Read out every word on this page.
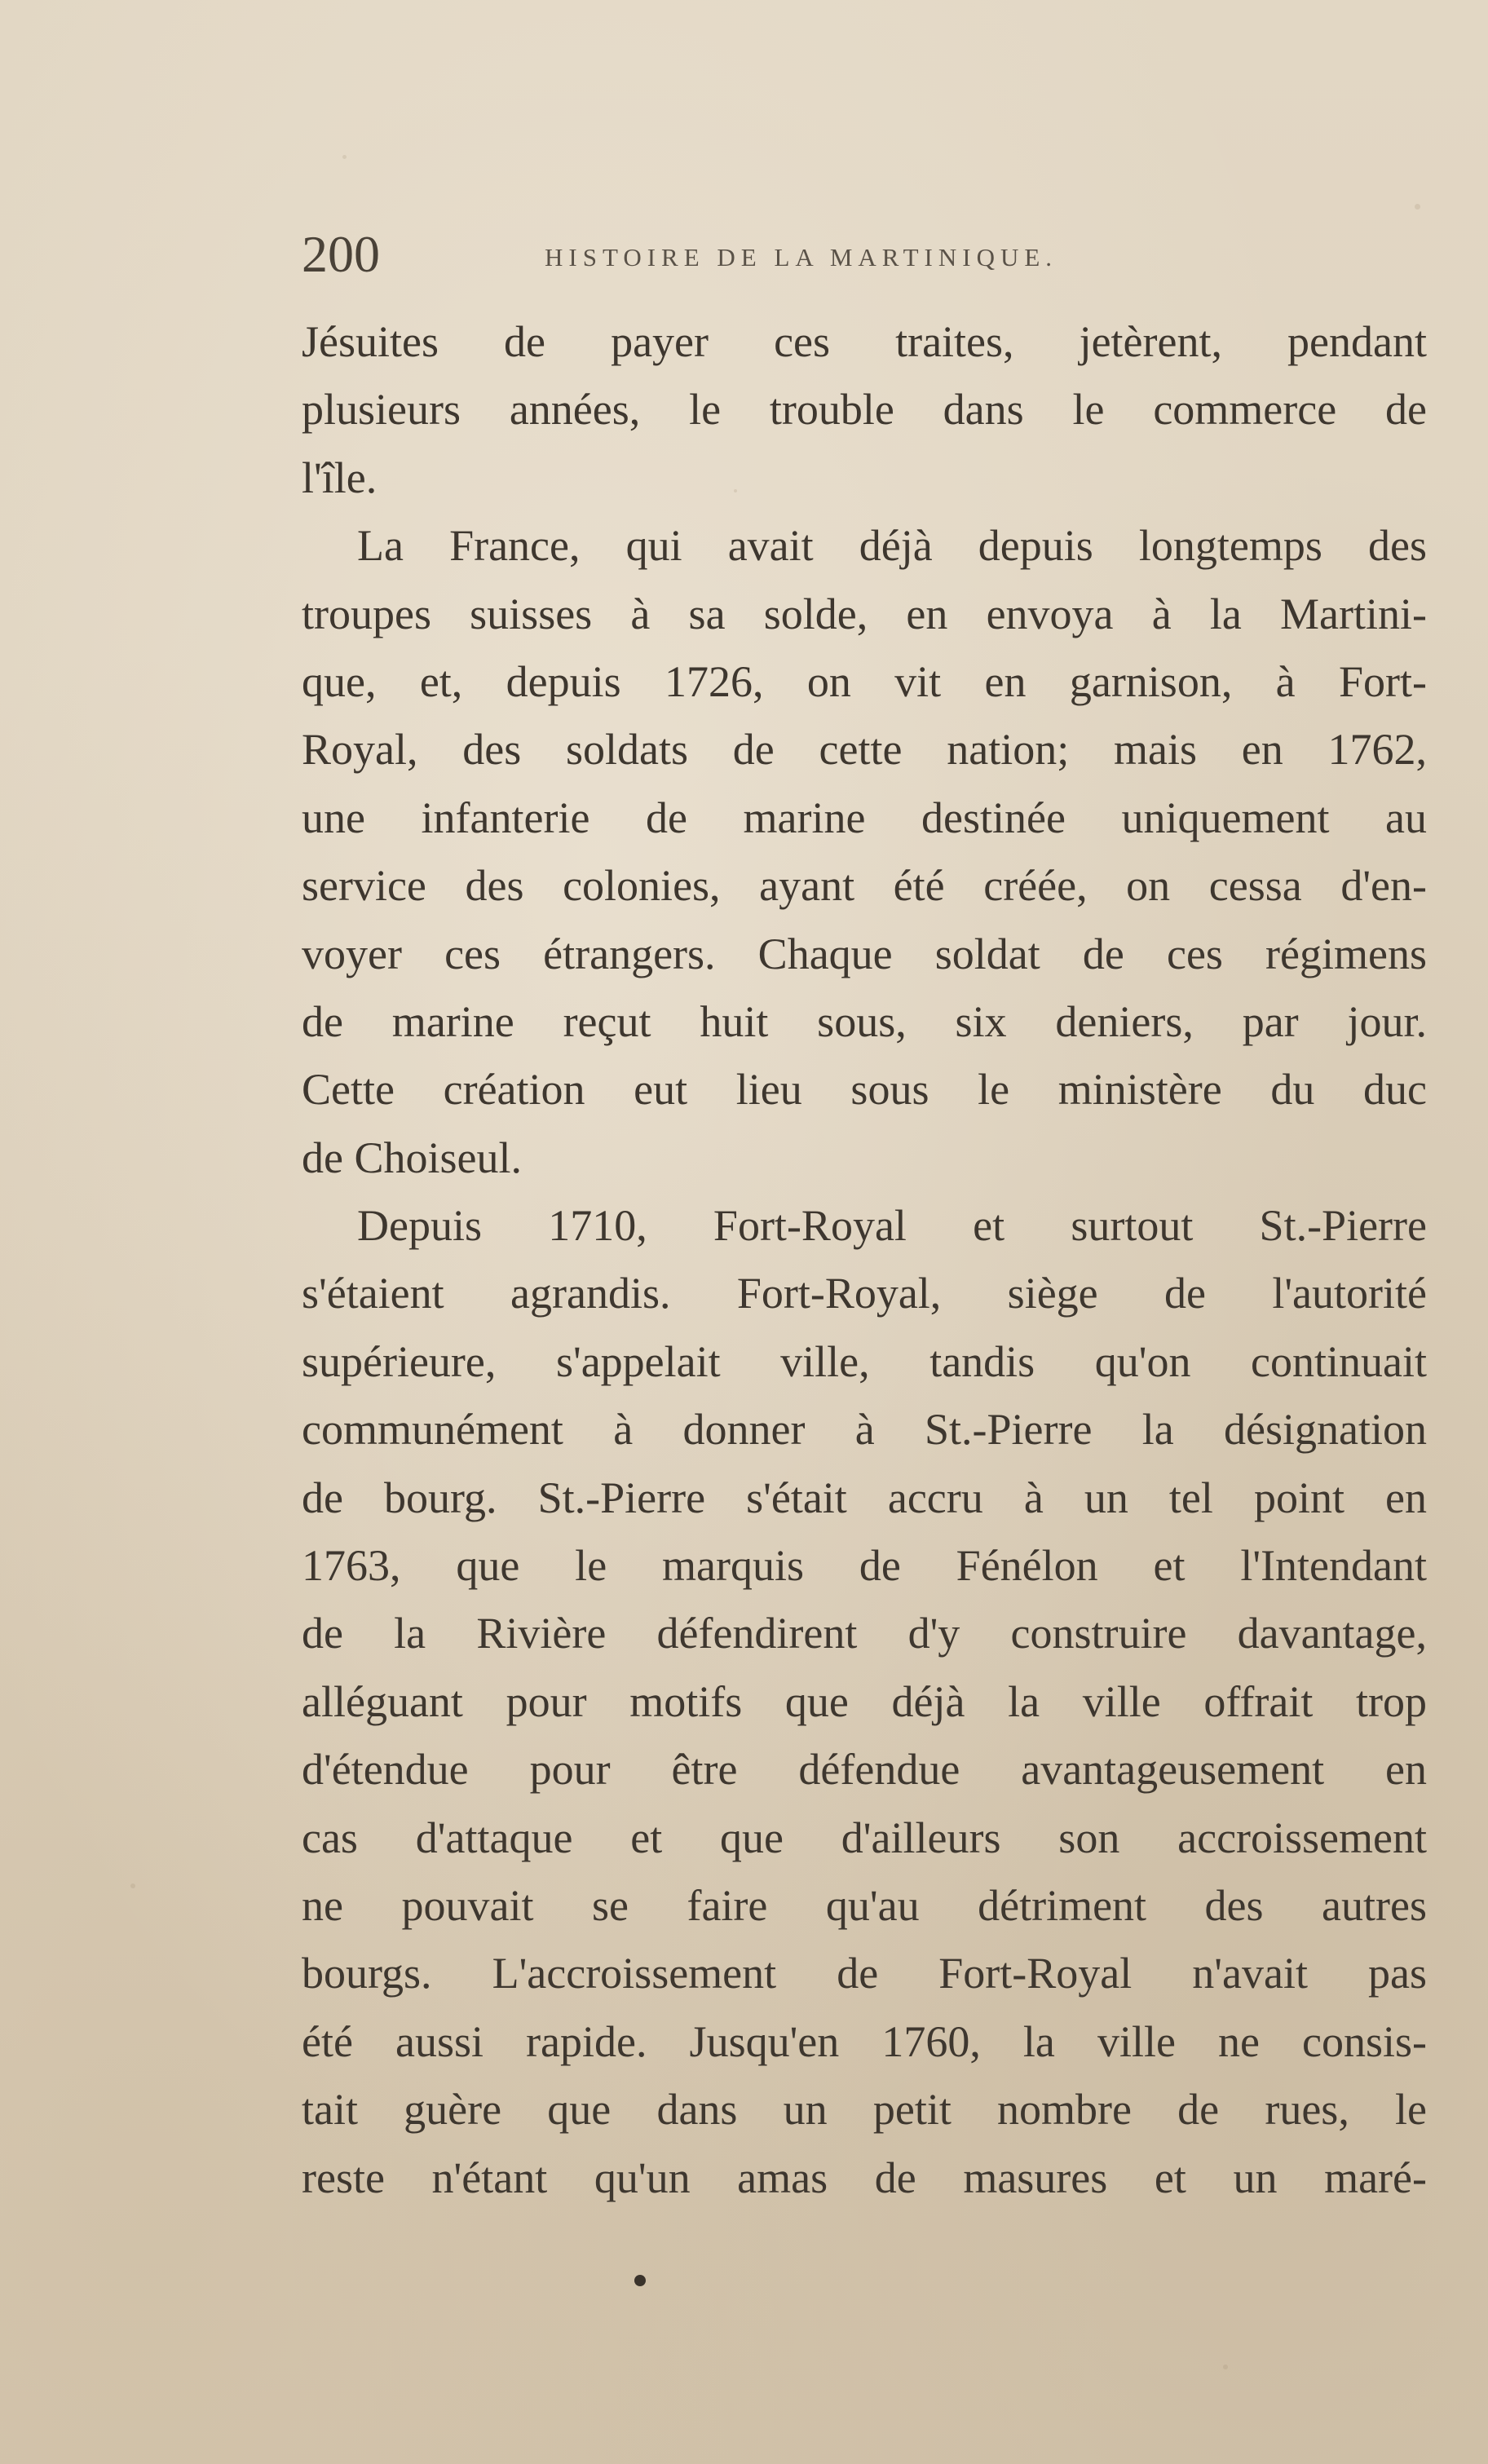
200	HISTOIRE DE LA MARTINIQUE.
Jésuites de payer ces traites, jetèrent, pendant
plusieurs années, le trouble dans le commerce de
l'île.
La France, qui avait déjà depuis longtemps des
troupes suisses à sa solde, en envoya à la Martini-
que, et, depuis 1726, on vit en garnison, à Fort-
Royal, des soldats de cette nation; mais en 1762,
une infanterie de marine destinée uniquement au
service des colonies, ayant été créée, on cessa d'en-
voyer ces étrangers. Chaque soldat de ces régimens
de marine reçut huit sous, six deniers, par jour.
Cette création eut lieu sous le ministère du duc
de Choiseul.
Depuis 1710, Fort-Royal et surtout St.-Pierre
s'étaient agrandis. Fort-Royal, siège de l'autorité
supérieure, s'appelait ville, tandis qu'on continuait
communément à donner à St.-Pierre la désignation
de bourg. St.-Pierre s'était accru à un tel point en
1763, que le marquis de Fénélon et l'Intendant
de la Rivière défendirent d'y construire davantage,
alléguant pour motifs que déjà la ville offrait trop
d'étendue pour être défendue avantageusement en
cas d'attaque et que d'ailleurs son accroissement
ne pouvait se faire qu'au détriment des autres
bourgs. L'accroissement de Fort-Royal n'avait pas
été aussi rapide. Jusqu'en 1760, la ville ne consis-
tait guère que dans un petit nombre de rues, le
reste n'étant qu'un amas de masures et un maré-
